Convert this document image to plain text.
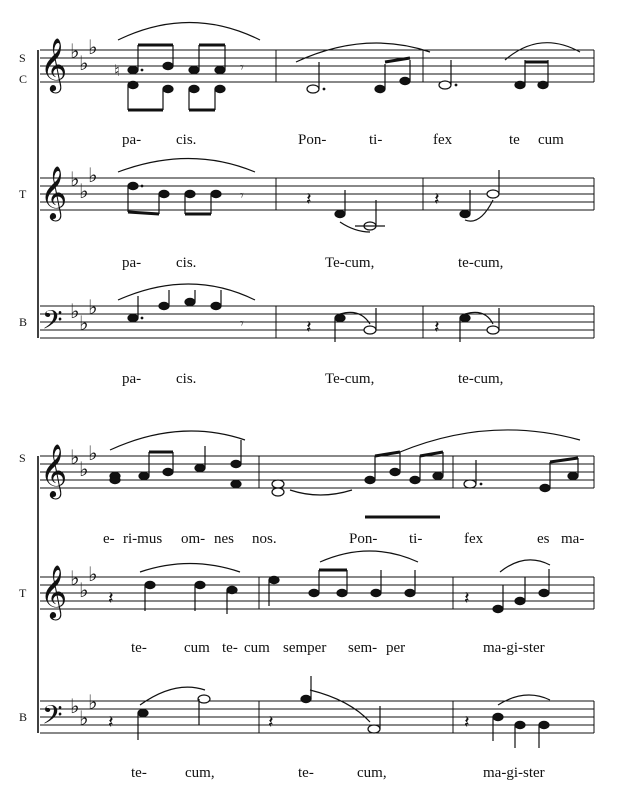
𝄞
𝄞
𝄢
𝄞
𝄞
𝄢
♭ ♭
♭
♭ ♭
♭
♭ ♭
♭
♭ ♭
♭
♭ ♭
♭
♭ ♭
♭
♮	𝄾
𝄾	𝄽	𝄽
𝄾	𝄽	𝄽
𝄽	𝄽
𝄽	𝄽	𝄽
S
C
T
B
S
T
B
pa- cis.	Pon-	ti-	fex	te cum
pa- cis.	Te-cum,	te-cum,
pa- cis.	Te-cum,	te-cum,
e- ri-mus om- nes nos.	Pon- ti-	fex	es ma-
te- cum te- cum semper sem- per	ma-gi-ster
te-	cum,	te-	cum,	ma-gi-ster
